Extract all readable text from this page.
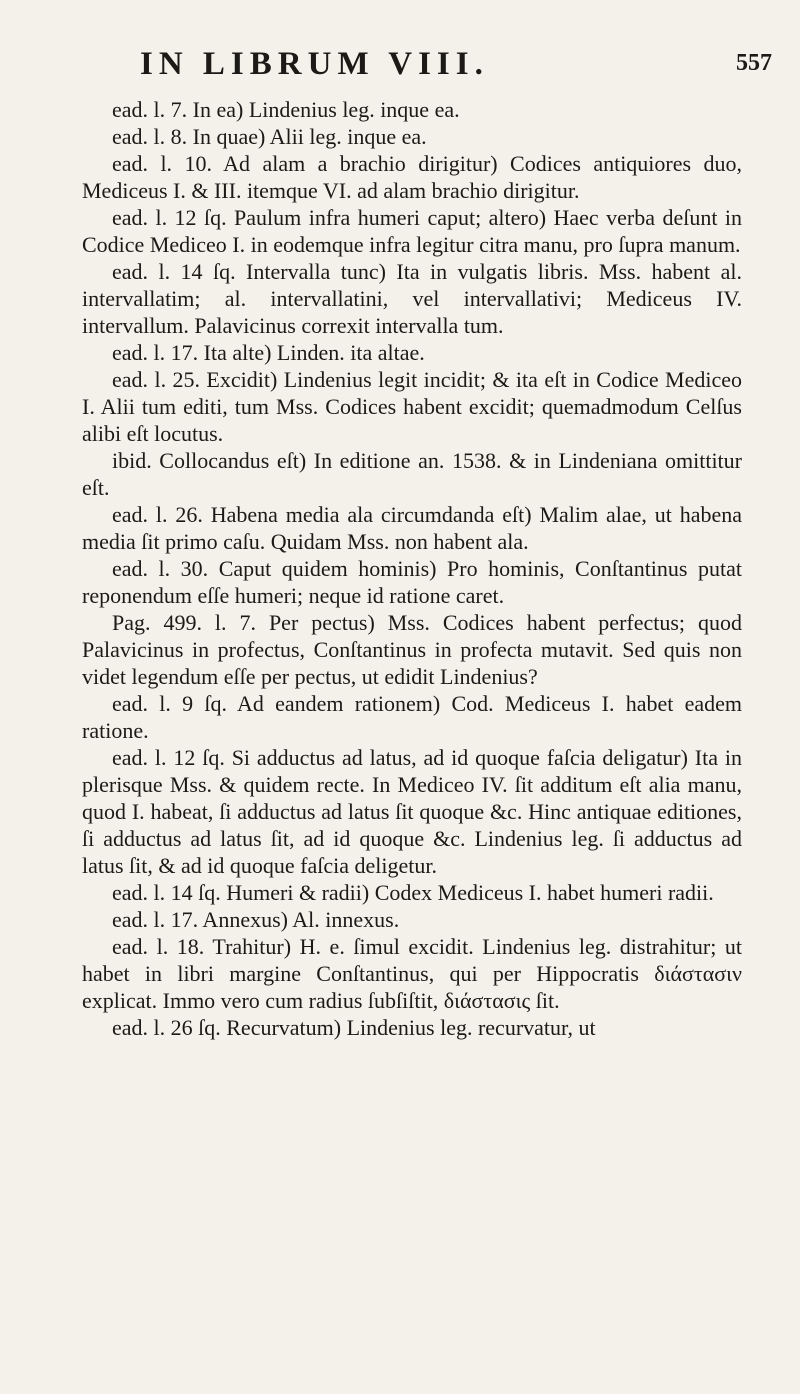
IN LIBRUM VIII.	557

ead. l. 7. In ea) Lindenius leg. inque ea.

ead. l. 8. In quae) Alii leg. inque ea.

ead. l. 10. Ad alam a brachio dirigitur) Codices antiquiores duo, Mediceus I. & III. itemque VI. ad alam brachio dirigitur.

ead. l. 12 ſq. Paulum infra humeri caput; altero) Haec verba deſunt in Codice Mediceo I. in eodemque infra legitur citra manu, pro ſupra manum.

ead. l. 14 ſq. Intervalla tunc) Ita in vulgatis libris. Mss. habent al. intervallatim; al. intervallatini, vel intervallativi; Mediceus IV. intervallum. Palavicinus correxit intervalla tum.

ead. l. 17. Ita alte) Linden. ita altae.

ead. l. 25. Excidit) Lindenius legit incidit; & ita eſt in Codice Mediceo I. Alii tum editi, tum Mss. Codices habent excidit; quemadmodum Celſus alibi eſt locutus.

ibid. Collocandus eſt) In editione an. 1538. & in Lindeniana omittitur eſt.

ead. l. 26. Habena media ala circumdanda eſt) Malim alae, ut habena media ſit primo caſu. Quidam Mss. non habent ala.

ead. l. 30. Caput quidem hominis) Pro hominis, Conſtantinus putat reponendum eſſe humeri; neque id ratione caret.

Pag. 499. l. 7. Per pectus) Mss. Codices habent perfectus; quod Palavicinus in profectus, Conſtantinus in profecta mutavit. Sed quis non videt legendum eſſe per pectus, ut edidit Lindenius?

ead. l. 9 ſq. Ad eandem rationem) Cod. Mediceus I. habet eadem ratione.

ead. l. 12 ſq. Si adductus ad latus, ad id quoque faſcia deligatur) Ita in plerisque Mss. & quidem recte. In Mediceo IV. ſit additum eſt alia manu, quod I. habeat, ſi adductus ad latus ſit quoque &c. Hinc antiquae editiones, ſi adductus ad latus ſit, ad id quoque &c. Lindenius leg. ſi adductus ad latus ſit, & ad id quoque faſcia deligetur.

ead. l. 14 ſq. Humeri & radii) Codex Mediceus I. habet humeri radii.

ead. l. 17. Annexus) Al. innexus.

ead. l. 18. Trahitur) H. e. ſimul excidit. Lindenius leg. distrahitur; ut habet in libri margine Conſtantinus, qui per Hippocratis διάστασιν explicat. Immo vero cum radius ſubſiſtit, διάστασις ſit.

ead. l. 26 ſq. Recurvatum) Lindenius leg. recurvatur, ut
